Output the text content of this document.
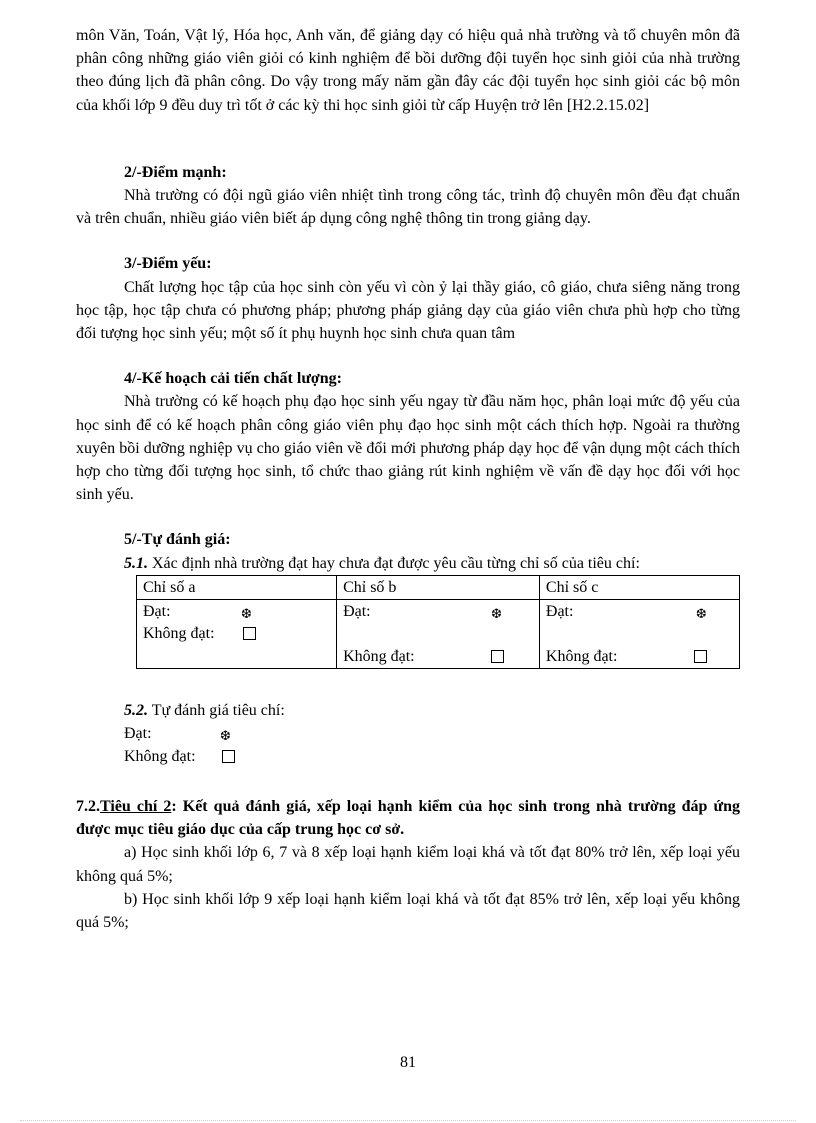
môn Văn, Toán, Vật lý, Hóa học, Anh văn, để giảng dạy có hiệu quả nhà trường và tổ chuyên môn đã phân công những giáo viên giỏi có kinh nghiệm để bồi dưỡng đội tuyển học sinh giỏi của nhà trường theo đúng lịch đã phân công. Do vậy trong mấy năm gần đây các đội tuyển học sinh giỏi các bộ môn của khối lớp 9 đều duy trì tốt ở các kỳ thi học sinh giỏi từ cấp Huyện trở lên [H2.2.15.02]

2/-Điểm mạnh:

Nhà trường có đội ngũ giáo viên nhiệt tình trong công tác, trình độ chuyên môn đều đạt chuẩn và trên chuẩn, nhiều giáo viên biết áp dụng công nghệ thông tin trong giảng dạy.

3/-Điểm yếu:

Chất lượng học tập của học sinh còn yếu vì còn ỷ lại thầy giáo, cô giáo, chưa siêng năng trong học tập, học tập chưa có phương pháp; phương pháp giảng dạy của giáo viên chưa phù hợp cho từng đối tượng học sinh yếu; một số ít phụ huynh học sinh chưa quan tâm

4/-Kế hoạch cải tiến chất lượng:

Nhà trường có kế hoạch phụ đạo học sinh yếu ngay từ đầu năm học, phân loại mức độ yếu của học sinh để có kế hoạch phân công giáo viên phụ đạo học sinh một cách thích hợp. Ngoài ra thường xuyên bồi dưỡng nghiệp vụ cho giáo viên về đổi mới phương pháp dạy học để vận dụng một cách thích hợp cho từng đối tượng học sinh, tổ chức thao giảng rút kinh nghiệm về vấn đề dạy học đối với học sinh yếu.

5/-Tự đánh giá:

5.1. Xác định nhà trường đạt hay chưa đạt được yêu cầu từng chỉ số của tiêu chí:

Chỉ số a	Chỉ số b	Chỉ số c

Đạt: ❆
Không đạt:	Đạt: ❆
Không đạt:	Đạt: ❆
Không đạt:

5.2. Tự đánh giá tiêu chí:

Đạt:	❆
Không đạt:

7.2.Tiêu chí 2: Kết quả đánh giá, xếp loại hạnh kiểm của học sinh trong nhà trường đáp ứng được mục tiêu giáo dục của cấp trung học cơ sở.

a) Học sinh khối lớp 6, 7 và 8 xếp loại hạnh kiểm loại khá và tốt đạt 80% trở lên, xếp loại yếu không quá 5%;

b) Học sinh khối lớp 9 xếp loại hạnh kiểm loại khá và tốt đạt 85% trở lên, xếp loại yếu không quá 5%;

81
